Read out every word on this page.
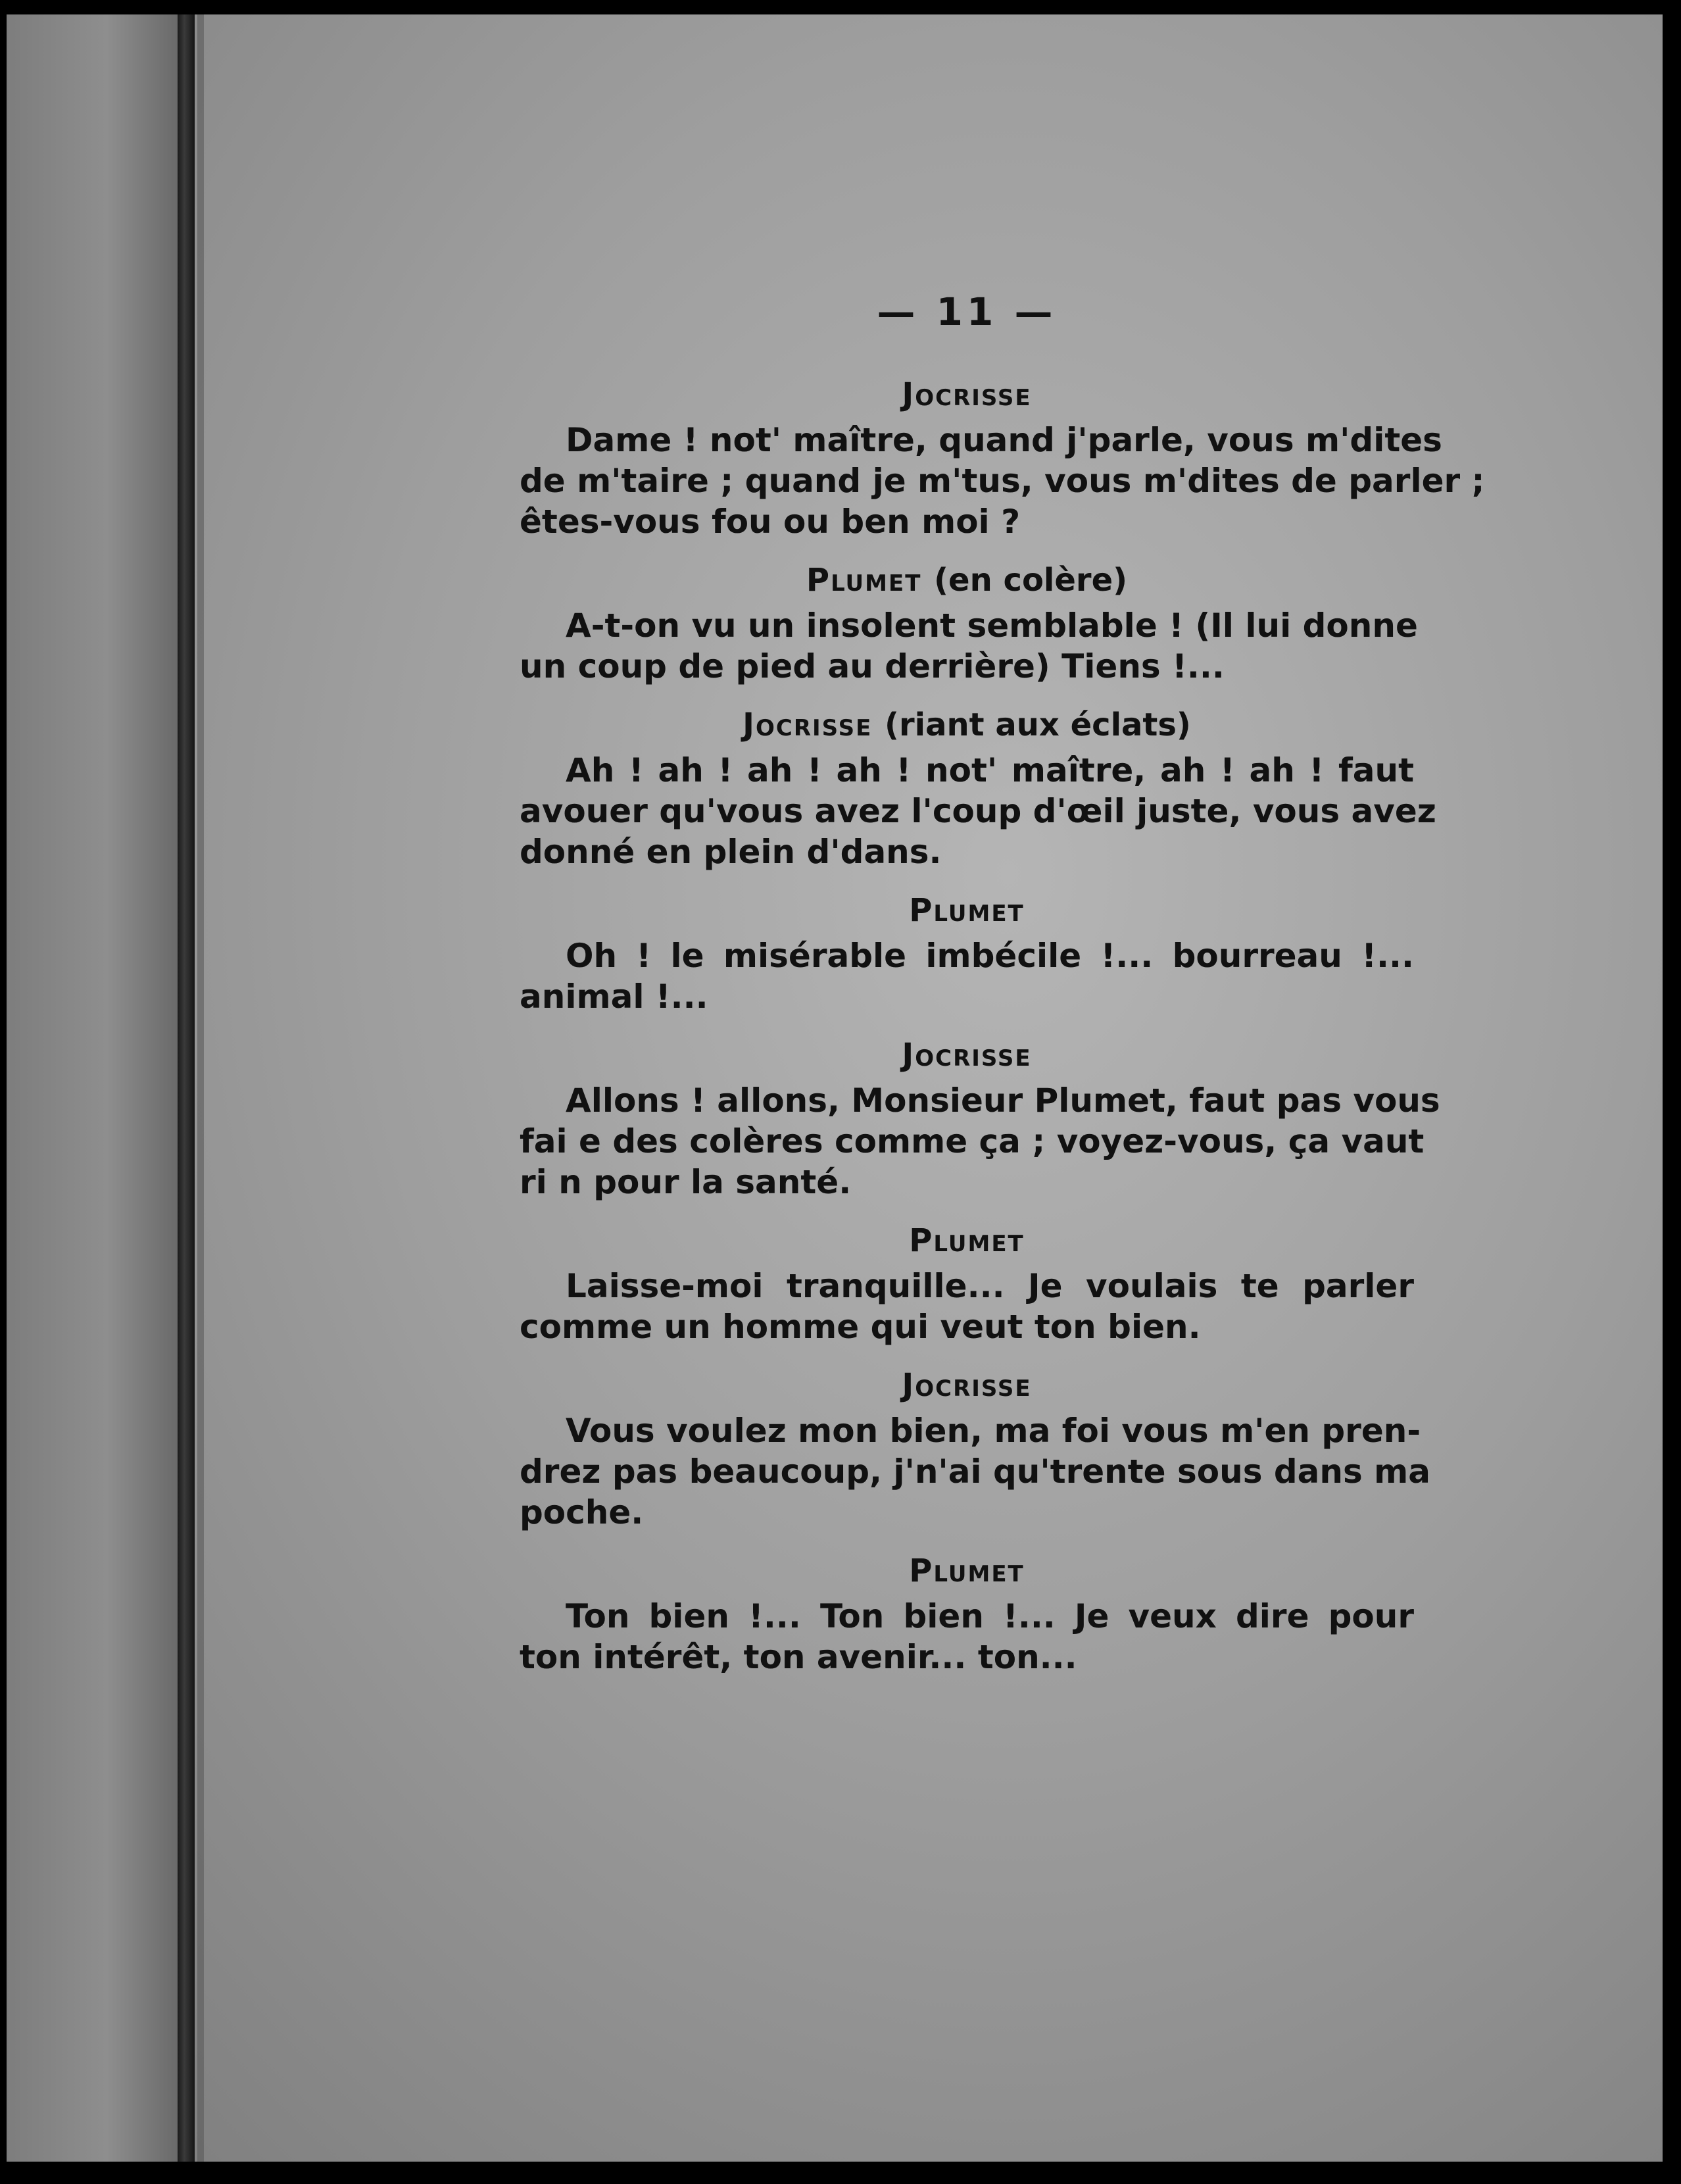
— 11 —
Jocrisse
Dame ! not' maître, quand j'parle, vous m'dites
de m'taire ; quand je m'tus, vous m'dites de parler ;
êtes-vous fou ou ben moi ?
Plumet (en colère)
A-t-on vu un insolent semblable ! (Il lui donne
un coup de pied au derrière) Tiens !...
Jocrisse (riant aux éclats)
Ah ! ah ! ah ! ah ! not' maître, ah ! ah ! faut
avouer qu'vous avez l'coup d'œil juste, vous avez
donné en plein d'dans.
Plumet
Oh ! le misérable imbécile !... bourreau !...
animal !...
Jocrisse
Allons ! allons, Monsieur Plumet, faut pas vous
fai e des colères comme ça ; voyez-vous, ça vaut
ri n pour la santé.
Plumet
Laisse-moi tranquille... Je voulais te parler
comme un homme qui veut ton bien.
Jocrisse
Vous voulez mon bien, ma foi vous m'en pren-
drez pas beaucoup, j'n'ai qu'trente sous dans ma
poche.
Plumet
Ton bien !... Ton bien !... Je veux dire pour
ton intérêt, ton avenir... ton...
